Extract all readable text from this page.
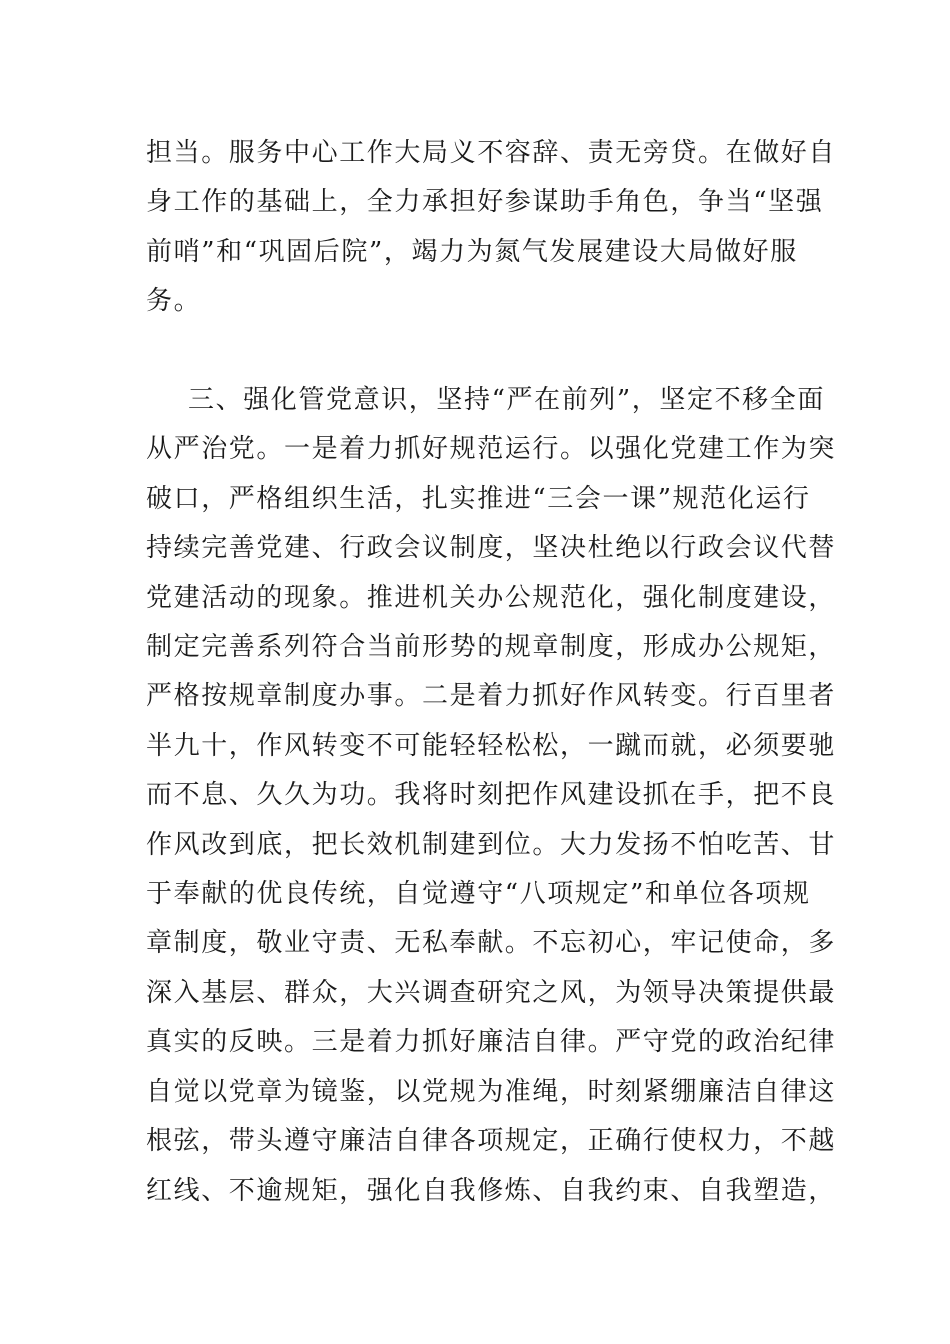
担当。服务中心工作大局义不容辞、责无旁贷。在做好自
身工作的基础上，全力承担好参谋助手角色，争当“坚强
前哨”和“巩固后院”，竭力为氮气发展建设大局做好服
务。
三、强化管党意识，坚持“严在前列”，坚定不移全面
从严治党。一是着力抓好规范运行。以强化党建工作为突
破口，严格组织生活，扎实推进“三会一课”规范化运行
持续完善党建、行政会议制度，坚决杜绝以行政会议代替
党建活动的现象。推进机关办公规范化，强化制度建设，
制定完善系列符合当前形势的规章制度，形成办公规矩，
严格按规章制度办事。二是着力抓好作风转变。行百里者
半九十，作风转变不可能轻轻松松，一蹴而就，必须要驰
而不息、久久为功。我将时刻把作风建设抓在手，把不良
作风改到底，把长效机制建到位。大力发扬不怕吃苦、甘
于奉献的优良传统，自觉遵守“八项规定”和单位各项规
章制度，敬业守责、无私奉献。不忘初心，牢记使命，多
深入基层、群众，大兴调查研究之风，为领导决策提供最
真实的反映。三是着力抓好廉洁自律。严守党的政治纪律
自觉以党章为镜鉴，以党规为准绳，时刻紧绷廉洁自律这
根弦，带头遵守廉洁自律各项规定，正确行使权力，不越
红线、不逾规矩，强化自我修炼、自我约束、自我塑造，
